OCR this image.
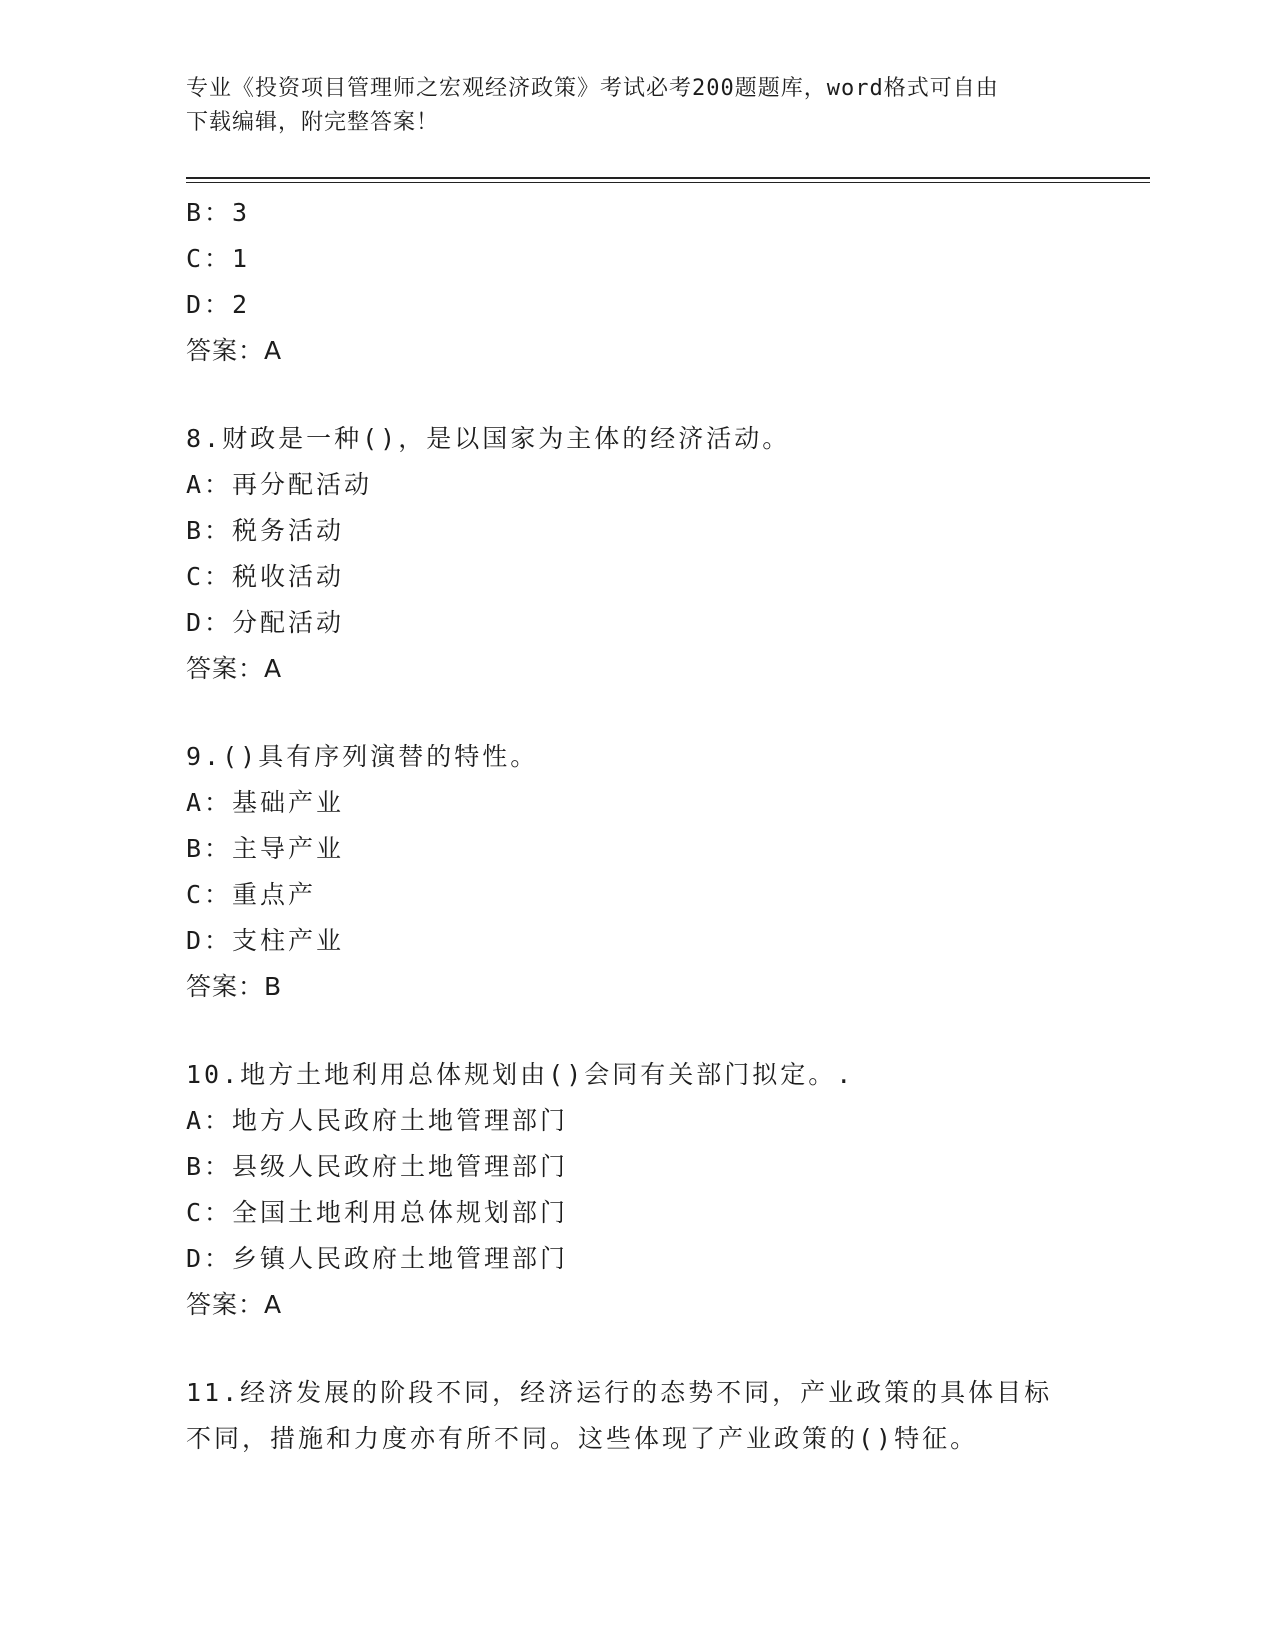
专业《投资项目管理师之宏观经济政策》考试必考200题题库，word格式可自由
下载编辑，附完整答案！
B：3
C：1
D：2
答案：A
8.财政是一种()，是以国家为主体的经济活动。
A：再分配活动
B：税务活动
C：税收活动
D：分配活动
答案：A
9.()具有序列演替的特性。
A：基础产业
B：主导产业
C：重点产
D：支柱产业
答案：B
10.地方土地利用总体规划由()会同有关部门拟定。.
A：地方人民政府土地管理部门
B：县级人民政府土地管理部门
C：全国土地利用总体规划部门
D：乡镇人民政府土地管理部门
答案：A
11.经济发展的阶段不同，经济运行的态势不同，产业政策的具体目标
不同，措施和力度亦有所不同。这些体现了产业政策的()特征。
